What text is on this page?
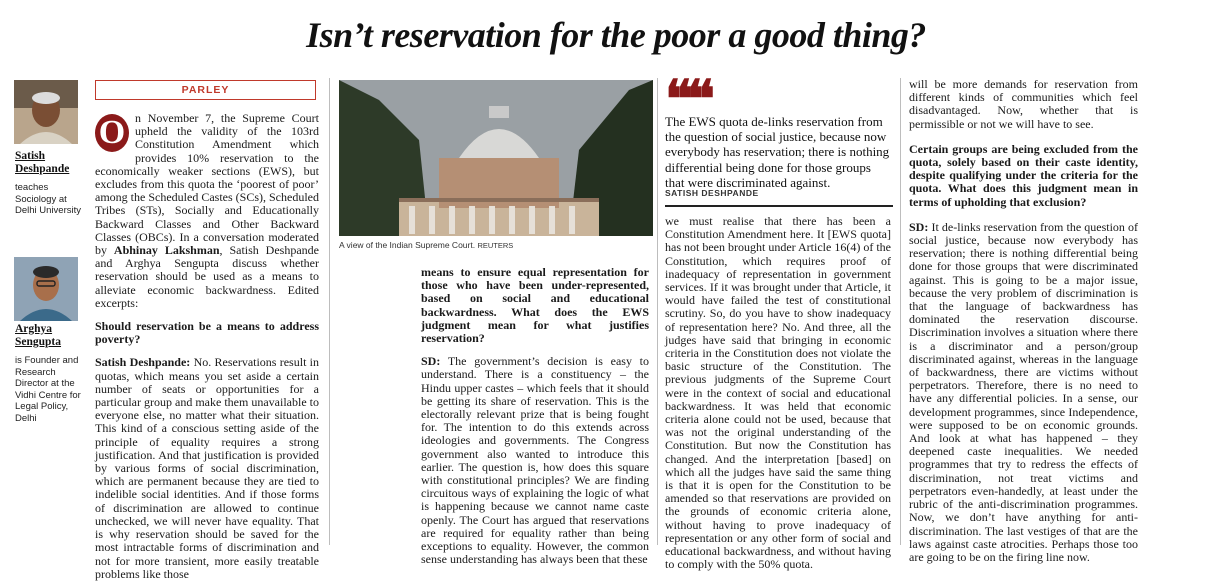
Isn’t reservation for the poor a good thing?
Satish
Deshpande
teaches
Sociology at
Delhi University
Arghya
Sengupta
is Founder and
Research
Director at the
Vidhi Centre for
Legal Policy,
Delhi
PARLEY

O n November 7, the Supreme Court upheld the validity of the 103rd Constitution Amendment which provides 10% reservation to the economically weaker sections (EWS), but excludes from this quota the ‘poorest of poor’ among the Scheduled Castes (SCs), Scheduled Tribes (STs), Socially and Educationally Backward Classes and Other Backward Classes (OBCs). In a conversation moderated by Abhinay Lakshman, Satish Deshpande and Arghya Sengupta discuss whether reservation should be used as a means to alleviate economic backwardness. Edited excerpts:

Should reservation be a means to address poverty?

Satish Deshpande: No. Reservations result in quotas, which means you set aside a certain number of seats or opportunities for a particular group and make them unavailable to everyone else, no matter what their situation. This kind of a conscious setting aside of the principle of equality requires a strong justification. And that justification is provided by various forms of social discrimination, which are permanent because they are tied to indelible social identities. And if those forms of discrimination are allowed to continue unchecked, we will never have equality. That is why reservation should be saved for the most intractable forms of discrimination and not for more transient, more easily treatable problems like those

A view of the Indian Supreme Court. REUTERS

means to ensure equal representation for those who have been under-represented, based on social and educational backwardness. What does the EWS judgment mean for what justifies reservation?

SD: The government’s decision is easy to understand. There is a constituency – the Hindu upper castes – which feels that it should be getting its share of reservation. This is the electorally relevant prize that is being fought for. The intention to do this extends across ideologies and governments. The Congress government also wanted to introduce this earlier. The question is, how does this square with constitutional principles? We are finding circuitous ways of explaining the logic of what is happening because we cannot name caste openly. The Court has argued that reservations are required for equality rather than being exceptions to equality. However, the common sense understanding has always been that these

❝❝
The EWS quota de-links reservation from the question of social justice, because now everybody has reservation; there is nothing differential being done for those groups that were discriminated against.
SATISH DESHPANDE

we must realise that there has been a Constitution Amendment here. It [EWS quota] has not been brought under Article 16(4) of the Constitution, which requires proof of inadequacy of representation in government services. If it was brought under that Article, it would have failed the test of constitutional scrutiny. So, do you have to show inadequacy of representation here? No. And three, all the judges have said that bringing in economic criteria in the Constitution does not violate the basic structure of the Constitution. The previous judgments of the Supreme Court were in the context of social and educational backwardness. It was held that economic criteria alone could not be used, because that was not the original understanding of the Constitution. But now the Constitution has changed. And the interpretation [based] on which all the judges have said the same thing is that it is open for the Constitution to be amended so that reservations are provided on the grounds of economic criteria alone, without having to prove inadequacy of representation or any other form of social and educational backwardness, and without having to comply with the 50% quota.

will be more demands for reservation from different kinds of communities which feel disadvantaged. Now, whether that is permissible or not we will have to see.

Certain groups are being excluded from the quota, solely based on their caste identity, despite qualifying under the criteria for the quota. What does this judgment mean in terms of upholding that exclusion?

SD: It de-links reservation from the question of social justice, because now everybody has reservation; there is nothing differential being done for those groups that were discriminated against. This is going to be a major issue, because the very problem of discrimination is that the language of backwardness has dominated the reservation discourse. Discrimination involves a situation where there is a discriminator and a person/group discriminated against, whereas in the language of backwardness, there are victims without perpetrators. Therefore, there is no need to have any differential policies. In a sense, our development programmes, since Independence, were supposed to be on economic grounds. And look at what has happened – they deepened caste inequalities. We needed programmes that try to redress the effects of discrimination, not treat victims and perpetrators even-handedly, at least under the rubric of the anti-discrimination programmes. Now, we don’t have anything for anti-discrimination. The last vestiges of that are the laws against caste atrocities. Perhaps those too are going to be on the firing line now.
